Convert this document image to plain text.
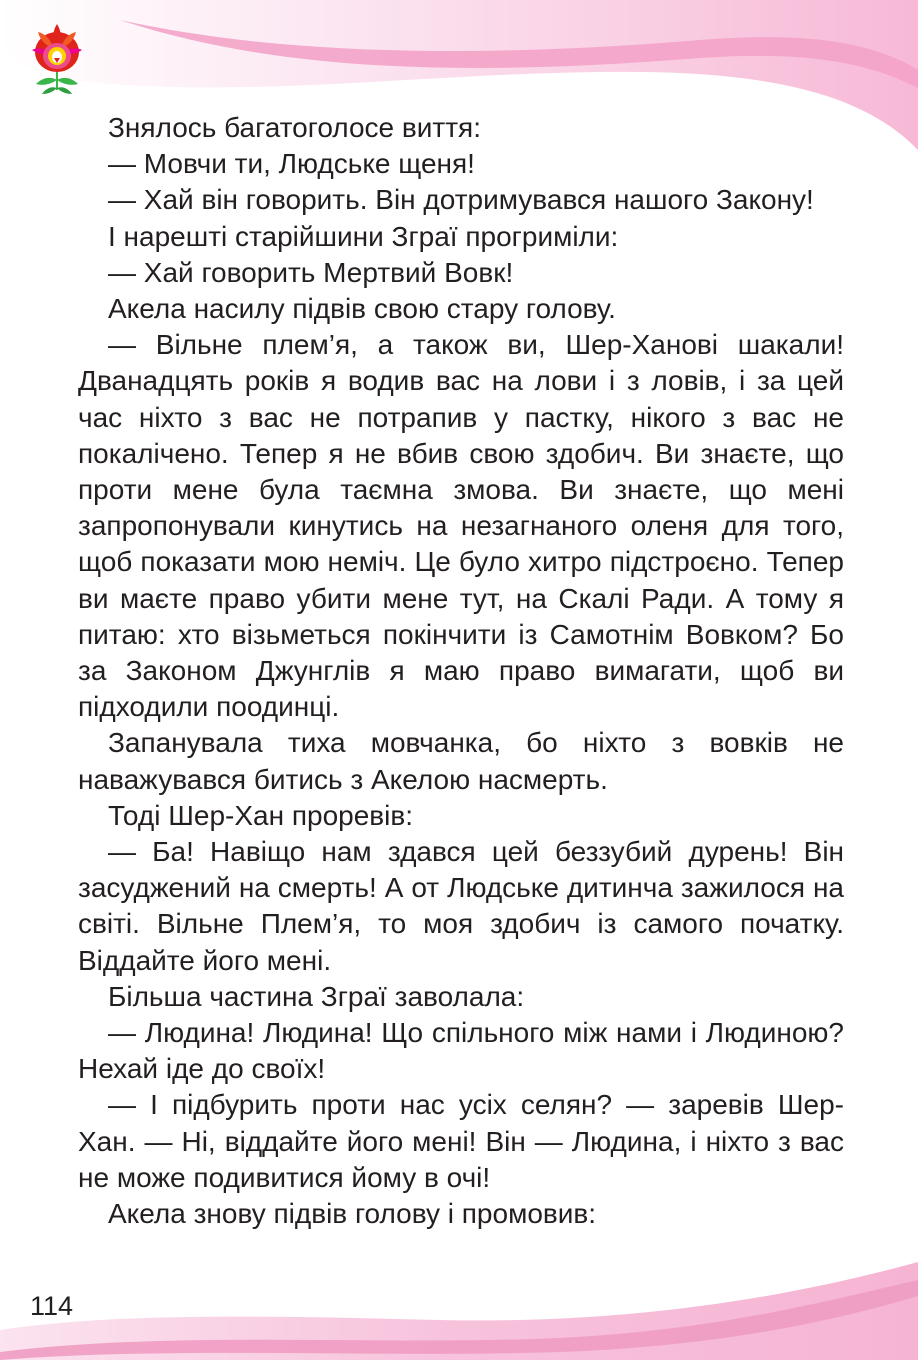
Знялось багатоголосе виття:

— Мовчи ти, Людське щеня!

— Хай він говорить. Він дотримувався нашого Закону!

І нарешті старійшини Зграї прогриміли:

— Хай говорить Мертвий Вовк!

Акела насилу підвів свою стару голову.

— Вільне плем’я, а також ви, Шер-Ханові шакали! Дванадцять років я водив вас на лови і з ловів, і за цей час ніхто з вас не потрапив у пастку, нікого з вас не покалічено. Тепер я не вбив свою здобич. Ви знаєте, що проти мене була таємна змова. Ви знаєте, що мені запропонували кинутись на незагнаного оленя для того, щоб показати мою неміч. Це було хитро підстроєно. Тепер ви маєте право убити мене тут, на Скалі Ради. А тому я питаю: хто візьметься покінчити із Самотнім Вовком? Бо за Законом Джунглів я маю право вимагати, щоб ви підходили поодинці.

Запанувала тиха мовчанка, бо ніхто з вовків не наважувався битись з Акелою насмерть.

Тоді Шер-Хан проревів:

— Ба! Навіщо нам здався цей беззубий дурень! Він засуджений на смерть! А от Людське дитинча зажилося на світі. Вільне Плем’я, то моя здобич із самого початку. Віддайте його мені.

Більша частина Зграї заволала:

— Людина! Людина! Що спільного між нами і Людиною? Нехай іде до своїх!

— І підбурить проти нас усіх селян? — заревів Шер-Хан. — Ні, віддайте його мені! Він — Людина, і ніхто з вас не може подивитися йому в очі!

Акела знову підвів голову і промовив:

114
